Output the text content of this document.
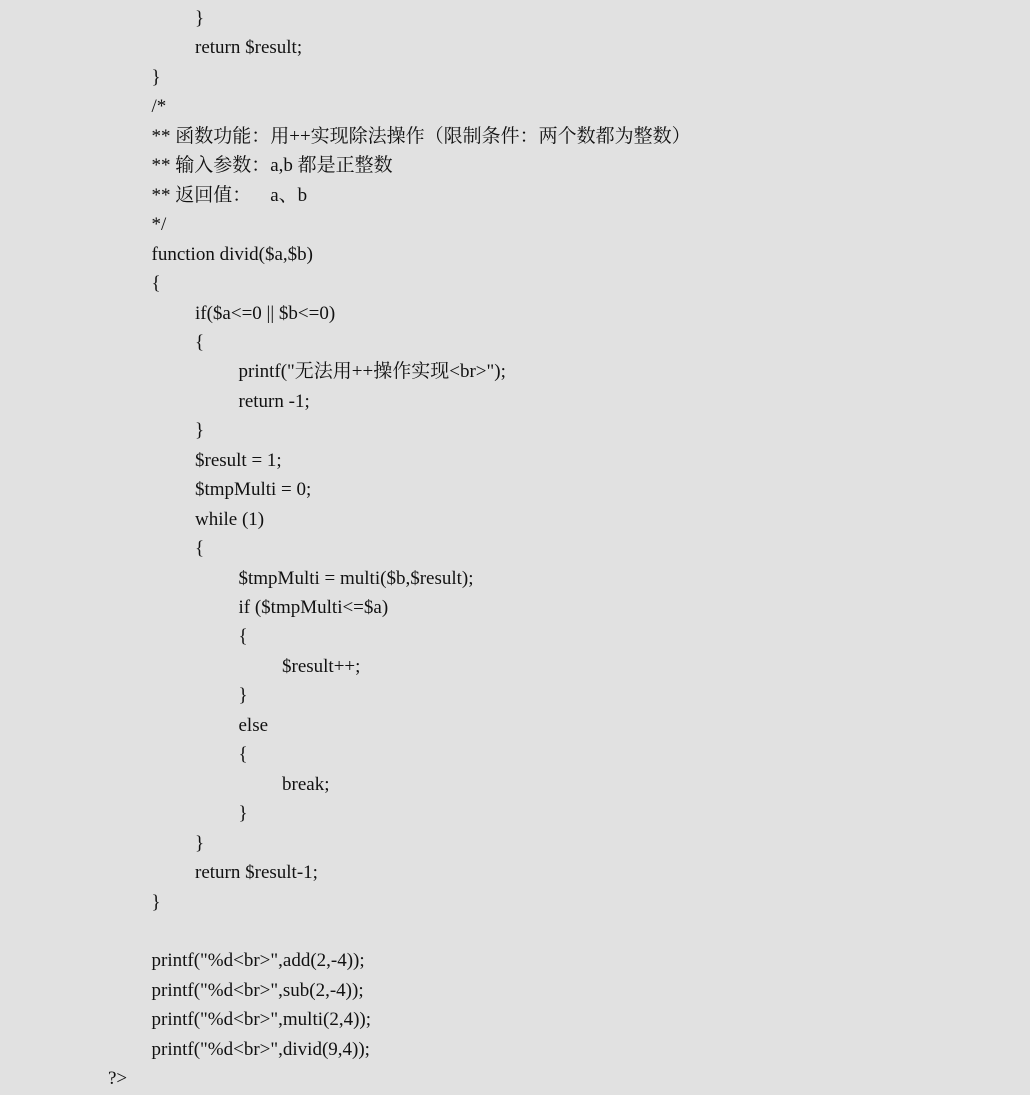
}
return $result;
}
/*
** 函数功能：用++实现除法操作（限制条件：两个数都为整数）
** 输入参数：a,b 都是正整数
** 返回值：    a、b
*/
function divid($a,$b)
{
if($a<=0 || $b<=0)
{
printf("无法用++操作实现<br>");
return -1;
}
$result = 1;
$tmpMulti = 0;
while (1)
{
$tmpMulti = multi($b,$result);
if ($tmpMulti<=$a)
{
$result++;
}
else
{
break;
}
}
return $result-1;
}
printf("%d<br>",add(2,-4));
printf("%d<br>",sub(2,-4));
printf("%d<br>",multi(2,4));
printf("%d<br>",divid(9,4));
?>
